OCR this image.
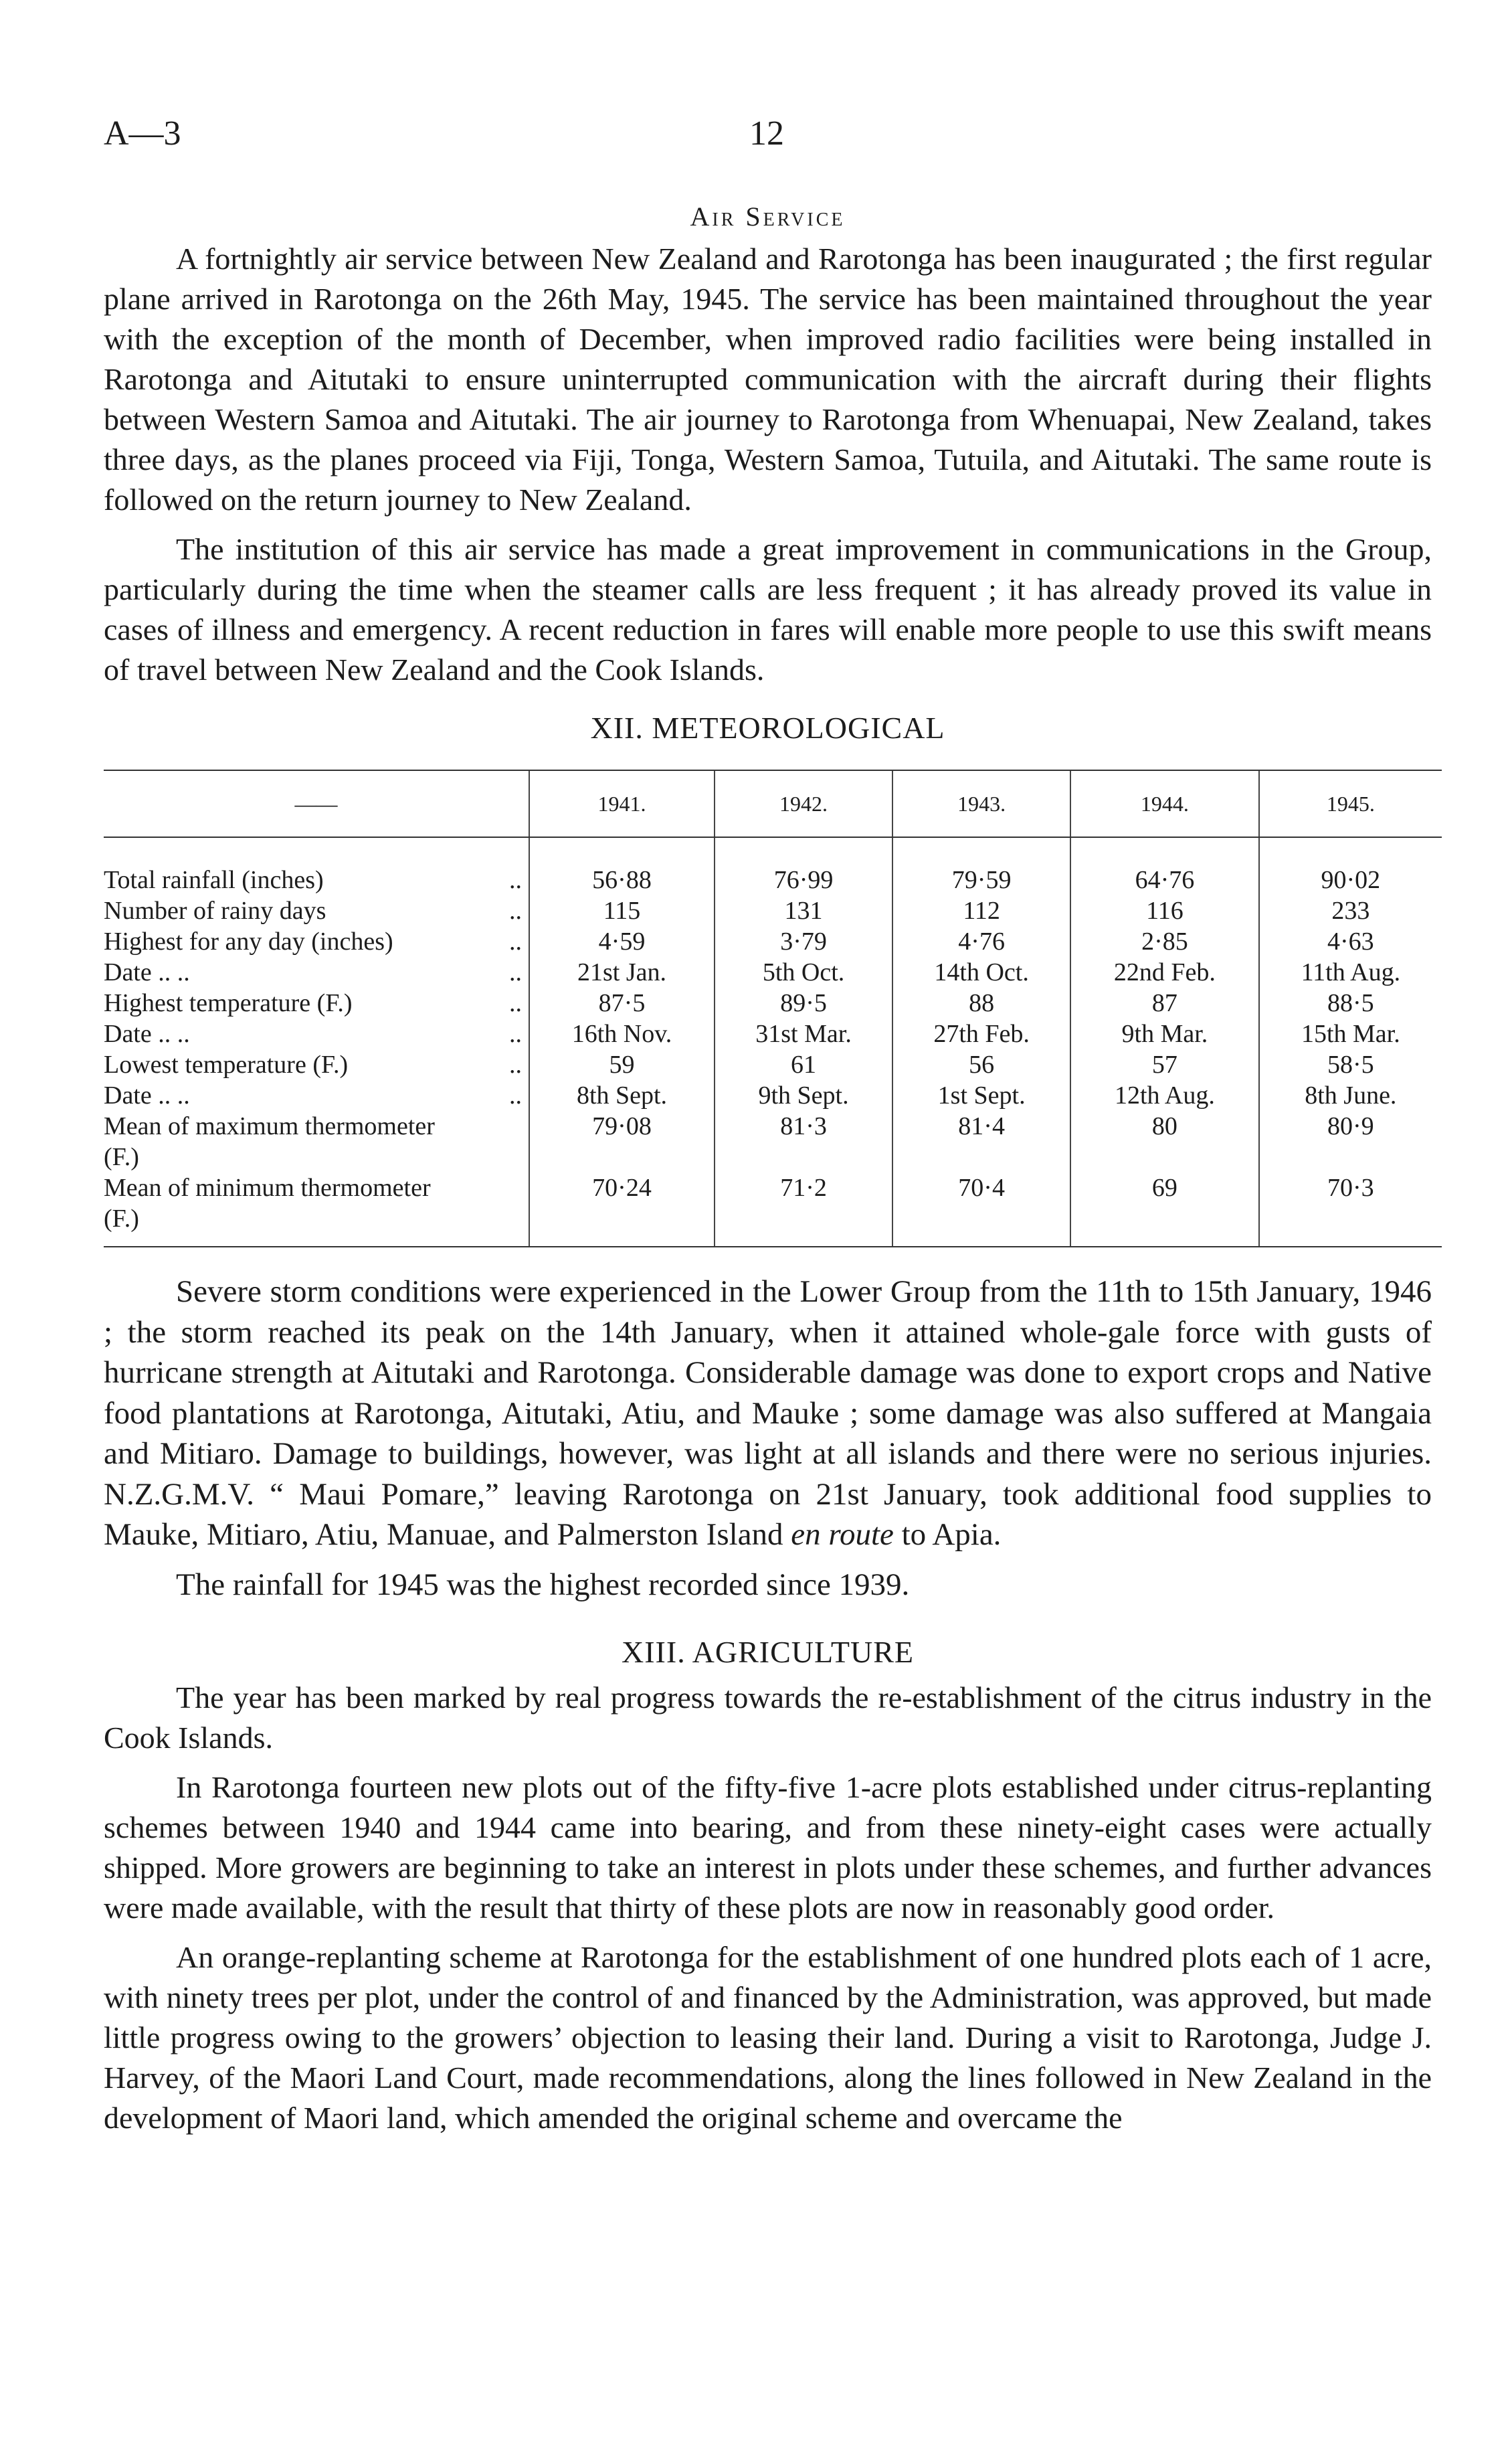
A—3	12
Air Service

A fortnightly air service between New Zealand and Rarotonga has been inaugurated ; the first regular plane arrived in Rarotonga on the 26th May, 1945. The service has been maintained throughout the year with the exception of the month of December, when improved radio facilities were being installed in Rarotonga and Aitutaki to ensure uninterrupted communication with the aircraft during their flights between Western Samoa and Aitutaki. The air journey to Rarotonga from Whenuapai, New Zealand, takes three days, as the planes proceed via Fiji, Tonga, Western Samoa, Tutuila, and Aitutaki. The same route is followed on the return journey to New Zealand.

The institution of this air service has made a great improvement in communications in the Group, particularly during the time when the steamer calls are less frequent ; it has already proved its value in cases of illness and emergency. A recent reduction in fares will enable more people to use this swift means of travel between New Zealand and the Cook Islands.

XII. METEOROLOGICAL
——	1941.	1942.	1943.	1944.	1945.
Total rainfall (inches) ..	56·88	76·99	79·59	64·76	90·02
Number of rainy days ..	115	131	112	116	233
Highest for any day (inches) ..	4·59	3·79	4·76	2·85	4·63
Date .. .. ..	21st Jan.	5th Oct.	14th Oct.	22nd Feb.	11th Aug.
Highest temperature (F.) ..	87·5	89·5	88	87	88·5
Date .. .. ..	16th Nov.	31st Mar.	27th Feb.	9th Mar.	15th Mar.
Lowest temperature (F.) ..	59	61	56	57	58·5
Date .. .. ..	8th Sept.	9th Sept.	1st Sept.	12th Aug.	8th June.
Mean of maximum thermometer
(F.)	79·08	81·3	81·4	80	80·9
Mean of minimum thermometer
(F.)	70·24	71·2	70·4	69	70·3

Severe storm conditions were experienced in the Lower Group from the 11th to 15th January, 1946 ; the storm reached its peak on the 14th January, when it attained whole-gale force with gusts of hurricane strength at Aitutaki and Rarotonga. Considerable damage was done to export crops and Native food plantations at Rarotonga, Aitutaki, Atiu, and Mauke ; some damage was also suffered at Mangaia and Mitiaro. Damage to buildings, however, was light at all islands and there were no serious injuries. N.Z.G.M.V. “ Maui Pomare,” leaving Rarotonga on 21st January, took additional food supplies to Mauke, Mitiaro, Atiu, Manuae, and Palmerston Island en route to Apia.

The rainfall for 1945 was the highest recorded since 1939.

XIII. AGRICULTURE

The year has been marked by real progress towards the re-establishment of the citrus industry in the Cook Islands.

In Rarotonga fourteen new plots out of the fifty-five 1-acre plots established under citrus-replanting schemes between 1940 and 1944 came into bearing, and from these ninety-eight cases were actually shipped. More growers are beginning to take an interest in plots under these schemes, and further advances were made available, with the result that thirty of these plots are now in reasonably good order.

An orange-replanting scheme at Rarotonga for the establishment of one hundred plots each of 1 acre, with ninety trees per plot, under the control of and financed by the Administration, was approved, but made little progress owing to the growers’ objection to leasing their land. During a visit to Rarotonga, Judge J. Harvey, of the Maori Land Court, made recommendations, along the lines followed in New Zealand in the development of Maori land, which amended the original scheme and overcame the
